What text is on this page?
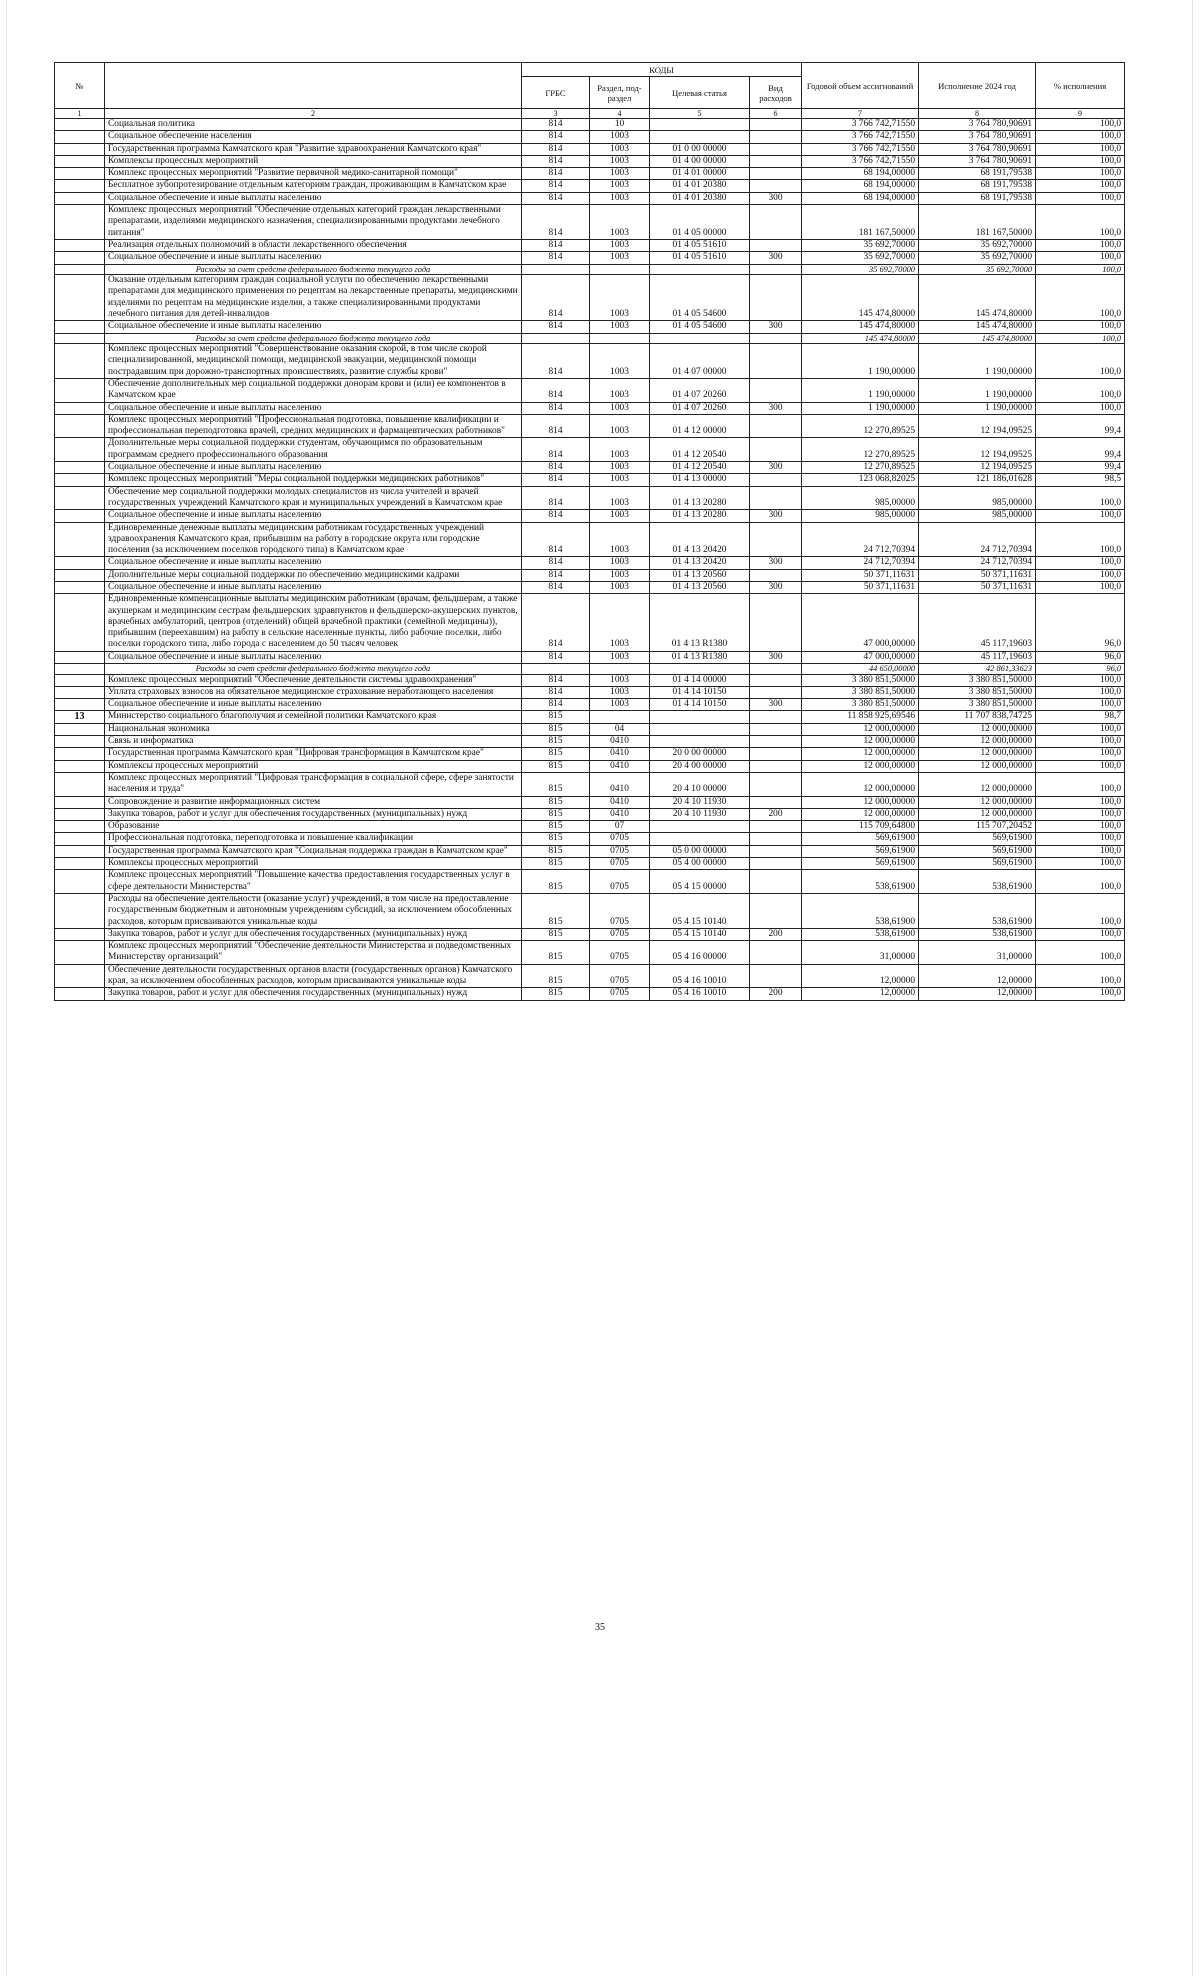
№		КОДЫ				Годовой объем ассигнований	Исполнение 2024 год	% исполнения
		ГРБС	Раздел, под-раздел	Целевая статья	Вид расходов			
1	2	3	4	5	6	7	8	9
	Социальная политика	814	10			3 766 742,71550	3 764 780,90691	100,0
	Социальное обеспечение населения	814	1003			3 766 742,71550	3 764 780,90691	100,0
	Государственная программа Камчатского края "Развитие здравоохранения Камчатского края"	814	1003	01 0 00 00000		3 766 742,71550	3 764 780,90691	100,0
	Комплексы процессных мероприятий	814	1003	01 4 00 00000		3 766 742,71550	3 764 780,90691	100,0
	Комплекс процессных мероприятий "Развитие первичной медико-санитарной помощи"	814	1003	01 4 01 00000		68 194,00000	68 191,79538	100,0
	Бесплатное зубопротезирование отдельным категориям граждан, проживающим в Камчатском крае	814	1003	01 4 01 20380		68 194,00000	68 191,79538	100,0
	Социальное обеспечение и иные выплаты населению	814	1003	01 4 01 20380	300	68 194,00000	68 191,79538	100,0
	Комплекс процессных мероприятий "Обеспечение отдельных категорий граждан лекарственными препаратами, изделиями медицинского назначения, специализированными продуктами лечебного питания"	814	1003	01 4 05 00000		181 167,50000	181 167,50000	100,0
	Реализация отдельных полномочий в области лекарственного обеспечения	814	1003	01 4 05 51610		35 692,70000	35 692,70000	100,0
	Социальное обеспечение и иные выплаты населению	814	1003	01 4 05 51610	300	35 692,70000	35 692,70000	100,0
	Расходы за счет средств федерального бюджета текущего года					35 692,70000	35 692,70000	100,0
	Оказание отдельным категориям граждан социальной услуги по обеспечению лекарственными препаратами для медицинского применения по рецептам на лекарственные препараты, медицинскими изделиями по рецептам на медицинские изделия, а также специализированными продуктами лечебного питания для детей-инвалидов	814	1003	01 4 05 54600		145 474,80000	145 474,80000	100,0
	Социальное обеспечение и иные выплаты населению	814	1003	01 4 05 54600	300	145 474,80000	145 474,80000	100,0
	Расходы за счет средств федерального бюджета текущего года					145 474,80000	145 474,80000	100,0
	Комплекс процессных мероприятий "Совершенствование оказания скорой, в том числе скорой специализированной, медицинской помощи, медицинской эвакуации, медицинской помощи пострадавшим при дорожно-транспортных происшествиях, развитие службы крови"	814	1003	01 4 07 00000		1 190,00000	1 190,00000	100,0
	Обеспечение дополнительных мер социальной поддержки донорам крови и (или) ее компонентов в Камчатском крае	814	1003	01 4 07 20260		1 190,00000	1 190,00000	100,0
	Социальное обеспечение и иные выплаты населению	814	1003	01 4 07 20260	300	1 190,00000	1 190,00000	100,0
	Комплекс процессных мероприятий "Профессиональная подготовка, повышение квалификации и профессиональная переподготовка врачей, средних медицинских и фармацевтических работников"	814	1003	01 4 12 00000		12 270,89525	12 194,09525	99,4
	Дополнительные меры социальной поддержки студентам, обучающимся по образовательным программам среднего профессионального образования	814	1003	01 4 12 20540		12 270,89525	12 194,09525	99,4
	Социальное обеспечение и иные выплаты населению	814	1003	01 4 12 20540	300	12 270,89525	12 194,09525	99,4
	Комплекс процессных мероприятий "Меры социальной поддержки медицинских работников"	814	1003	01 4 13 00000		123 068,82025	121 186,01628	98,5
	Обеспечение мер социальной поддержки молодых специалистов из числа учителей и врачей государственных учреждений Камчатского края и муниципальных учреждений в Камчатском крае	814	1003	01 4 13 20280		985,00000	985,00000	100,0
	Социальное обеспечение и иные выплаты населению	814	1003	01 4 13 20280	300	985,00000	985,00000	100,0
	Единовременные денежные выплаты медицинским работникам государственных учреждений здравоохранения Камчатского края, прибывшим на работу в городские округа или городские поселения (за исключением поселков городского типа) в Камчатском крае	814	1003	01 4 13 20420		24 712,70394	24 712,70394	100,0
	Социальное обеспечение и иные выплаты населению	814	1003	01 4 13 20420	300	24 712,70394	24 712,70394	100,0
	Дополнительные меры социальной поддержки по обеспечению медицинскими кадрами	814	1003	01 4 13 20560		50 371,11631	50 371,11631	100,0
	Социальное обеспечение и иные выплаты населению	814	1003	01 4 13 20560	300	50 371,11631	50 371,11631	100,0
	Единовременные компенсационные выплаты медицинским работникам (врачам, фельдшерам, а также акушеркам и медицинским сестрам фельдшерских здравпунктов и фельдшерско-акушерских пунктов, врачебных амбулаторий, центров (отделений) общей врачебной практики (семейной медицины)), прибывшим (переехавшим) на работу в сельские населенные пункты, либо рабочие поселки, либо поселки городского типа, либо города с населением до 50 тысяч человек	814	1003	01 4 13 R1380		47 000,00000	45 117,19603	96,0
	Социальное обеспечение и иные выплаты населению	814	1003	01 4 13 R1380	300	47 000,00000	45 117,19603	96,0
	Расходы за счет средств федерального бюджета текущего года					44 650,00000	42 861,33623	96,0
	Комплекс процессных мероприятий "Обеспечение деятельности системы здравоохранения"	814	1003	01 4 14 00000		3 380 851,50000	3 380 851,50000	100,0
	Уплата страховых взносов на обязательное медицинское страхование неработающего населения	814	1003	01 4 14 10150		3 380 851,50000	3 380 851,50000	100,0
	Социальное обеспечение и иные выплаты населению	814	1003	01 4 14 10150	300	3 380 851,50000	3 380 851,50000	100,0
13	Министерство социального благополучия и семейной политики Камчатского края	815				11 858 925,69546	11 707 838,74725	98,7
	Национальная экономика	815	04			12 000,00000	12 000,00000	100,0
	Связь и информатика	815	0410			12 000,00000	12 000,00000	100,0
	Государственная программа Камчатского края "Цифровая трансформация в Камчатском крае"	815	0410	20 0 00 00000		12 000,00000	12 000,00000	100,0
	Комплексы процессных мероприятий	815	0410	20 4 00 00000		12 000,00000	12 000,00000	100,0
	Комплекс процессных мероприятий "Цифровая трансформация в социальной сфере, сфере занятости населения и труда"	815	0410	20 4 10 00000		12 000,00000	12 000,00000	100,0
	Сопровождение и развитие информационных систем	815	0410	20 4 10 11930		12 000,00000	12 000,00000	100,0
	Закупка товаров, работ и услуг для обеспечения государственных (муниципальных) нужд	815	0410	20 4 10 11930	200	12 000,00000	12 000,00000	100,0
	Образование	815	07			115 709,64800	115 707,20452	100,0
	Профессиональная подготовка, переподготовка и повышение квалификации	815	0705			569,61900	569,61900	100,0
	Государственная программа Камчатского края "Социальная поддержка граждан в Камчатском крае"	815	0705	05 0 00 00000		569,61900	569,61900	100,0
	Комплексы процессных мероприятий	815	0705	05 4 00 00000		569,61900	569,61900	100,0
	Комплекс процессных мероприятий "Повышение качества предоставления государственных услуг в сфере деятельности Министерства"	815	0705	05 4 15 00000		538,61900	538,61900	100,0
	Расходы на обеспечение деятельности (оказание услуг) учреждений, в том числе на предоставление государственным бюджетным и автономным учреждениям субсидий, за исключением обособленных расходов, которым присваиваются уникальные коды	815	0705	05 4 15 10140		538,61900	538,61900	100,0
	Закупка товаров, работ и услуг для обеспечения государственных (муниципальных) нужд	815	0705	05 4 15 10140	200	538,61900	538,61900	100,0
	Комплекс процессных мероприятий "Обеспечение деятельности Министерства и подведомственных Министерству организаций"	815	0705	05 4 16 00000		31,00000	31,00000	100,0
	Обеспечение деятельности государственных органов власти (государственных органов) Камчатского края, за исключением обособленных расходов, которым присваиваются уникальные коды	815	0705	05 4 16 10010		12,00000	12,00000	100,0
	Закупка товаров, работ и услуг для обеспечения государственных (муниципальных) нужд	815	0705	05 4 16 10010	200	12,00000	12,00000	100,0
35
